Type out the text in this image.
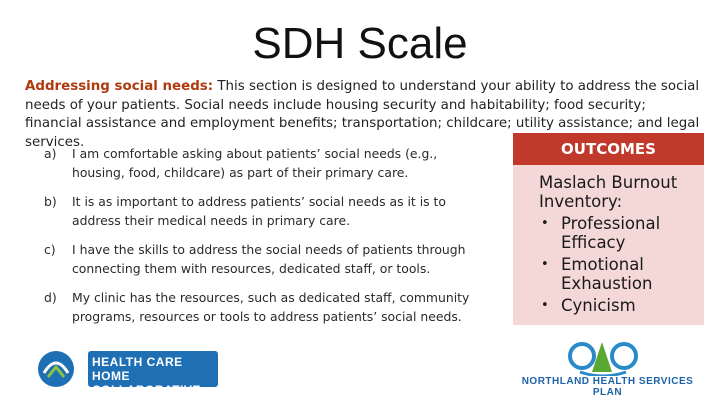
SDH Scale
Addressing social needs: This section is designed to understand your ability to address the social needs of your patients. Social needs include housing security and habitability; food security; financial assistance and employment benefits; transportation; childcare; utility assistance; and legal services.
a)	I am comfortable asking about patients’ social needs (e.g., housing, food, childcare) as part of their primary care.
b)	It is as important to address patients’ social needs as it is to address their medical needs in primary care.
c)	I have the skills to address the social needs of patients through connecting them with resources, dedicated staff, or tools.
d)	My clinic has the resources, such as dedicated staff, community programs, resources or tools to address patients’ social needs.
OUTCOMES
Maslach Burnout Inventory:
• Professional Efficacy
• Emotional Exhaustion
• Cynicism
HEALTH CARE HOME COLLABORATIVE
NORTHLAND HEALTH SERVICES PLAN
